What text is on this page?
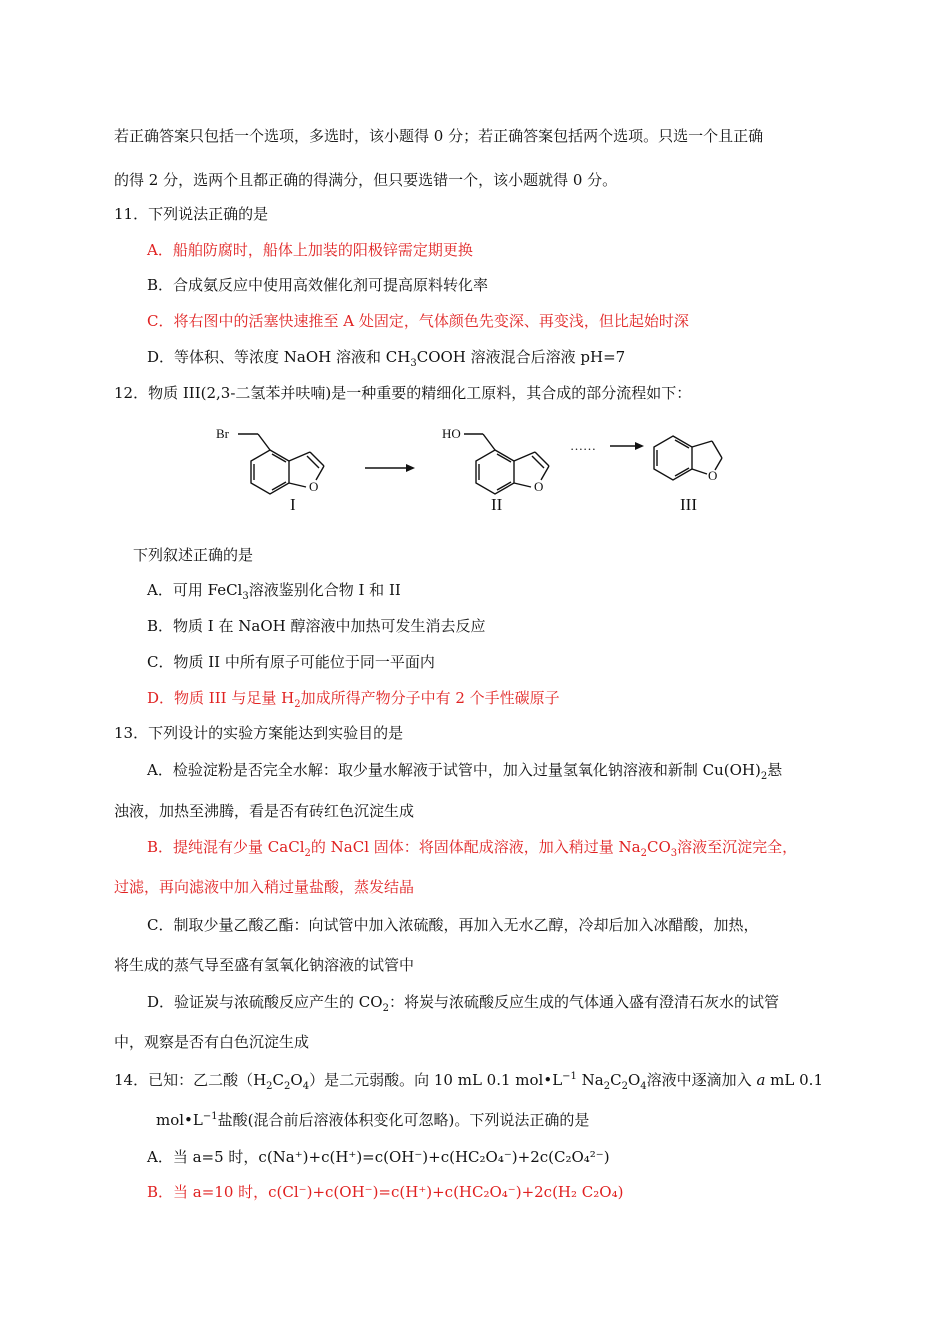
若正确答案只包括一个选项，多选时，该小题得 0 分；若正确答案包括两个选项。只选一个且正确
的得 2 分，选两个且都正确的得满分，但只要选错一个，该小题就得 0 分。
11．下列说法正确的是
A．船舶防腐时，船体上加装的阳极锌需定期更换
B．合成氨反应中使用高效催化剂可提高原料转化率
C．将右图中的活塞快速推至 A 处固定，气体颜色先变深、再变浅，但比起始时深
D．等体积、等浓度 NaOH 溶液和 $CH_3COOH$ 溶液混合后溶液 pH=7
12．物质 III(2,3-二氢苯并呋喃)是一种重要的精细化工原料，其合成的部分流程如下：
Br
O
HO
O
……
O
I	II	III
下列叙述正确的是
A．可用 FeCl$_3$溶液鉴别化合物 I 和 II
B．物质 I 在 NaOH 醇溶液中加热可发生消去反应
C．物质 II 中所有原子可能位于同一平面内
D．物质 III 与足量 $H_2$加成所得产物分子中有 2 个手性碳原子
13．下列设计的实验方案能达到实验目的是
A．检验淀粉是否完全水解：取少量水解液于试管中，加入过量氢氧化钠溶液和新制 $Cu(OH)_2$悬
浊液，加热至沸腾，看是否有砖红色沉淀生成
B．提纯混有少量 CaCl$_2$的 NaCl 固体：将固体配成溶液，加入稍过量 $Na_2CO_3$溶液至沉淀完全，
过滤，再向滤液中加入稍过量盐酸，蒸发结晶
C．制取少量乙酸乙酯：向试管中加入浓硫酸，再加入无水乙醇，冷却后加入冰醋酸，加热，
将生成的蒸气导至盛有氢氧化钠溶液的试管中
D．验证炭与浓硫酸反应产生的 $CO_2$：将炭与浓硫酸反应生成的气体通入盛有澄清石灰水的试管
中，观察是否有白色沉淀生成
14．已知：乙二酸$(H_2C_2O_4)$是二元弱酸。向 10 mL 0.1 $mol•L^{-1}$ $Na_2C_2O_4$溶液中逐滴加入 a mL 0.1
$mol•L^{-1}$盐酸(混合前后溶液体积变化可忽略)。下列说法正确的是
A．当 a=5 时，c(Na⁺)+c(H⁺)=c(OH⁻)+c(HC₂O₄⁻)+2c(C₂O₄²⁻)
B．当 a=10 时，c(Cl⁻)+c(OH⁻)=c(H⁺)+c(HC₂O₄⁻)+2c(H₂ C₂O₄)
